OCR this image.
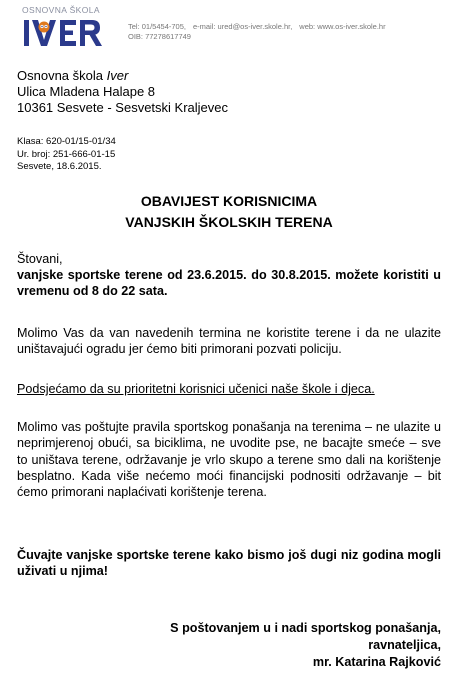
OSNOVNA ŠKOLA
Tel: 01/5454-705, e-mail: ured@os-iver.skole.hr, web: www.os-iver.skole.hr
OIB: 77278617749
Osnovna škola Iver
Ulica Mladena Halape 8
10361 Sesvete - Sesvetski Kraljevec
Klasa: 620-01/15-01/34
Ur. broj: 251-666-01-15
Sesvete, 18.6.2015.
OBAVIJEST KORISNICIMA
VANJSKIH ŠKOLSKIH TERENA
Štovani,
vanjske sportske terene od 23.6.2015. do 30.8.2015. možete koristiti u vremenu od 8 do 22 sata.
Molimo Vas da van navedenih termina ne koristite terene i da ne ulazite uništavajući ogradu jer ćemo biti primorani pozvati policiju.
Podsjećamo da su prioritetni korisnici učenici naše škole i djeca.
Molimo vas poštujte pravila sportskog ponašanja na terenima – ne ulazite u neprimjerenoj obući, sa biciklima, ne uvodite pse, ne bacajte smeće – sve to uništava terene, održavanje je vrlo skupo a terene smo dali na korištenje besplatno. Kada više nećemo moći financijski podnositi održavanje – bit ćemo primorani naplaćivati korištenje terena.
Čuvajte vanjske sportske terene kako bismo još dugi niz godina mogli uživati u njima!
S poštovanjem u i nadi sportskog ponašanja,
ravnateljica,
mr. Katarina Rajković
